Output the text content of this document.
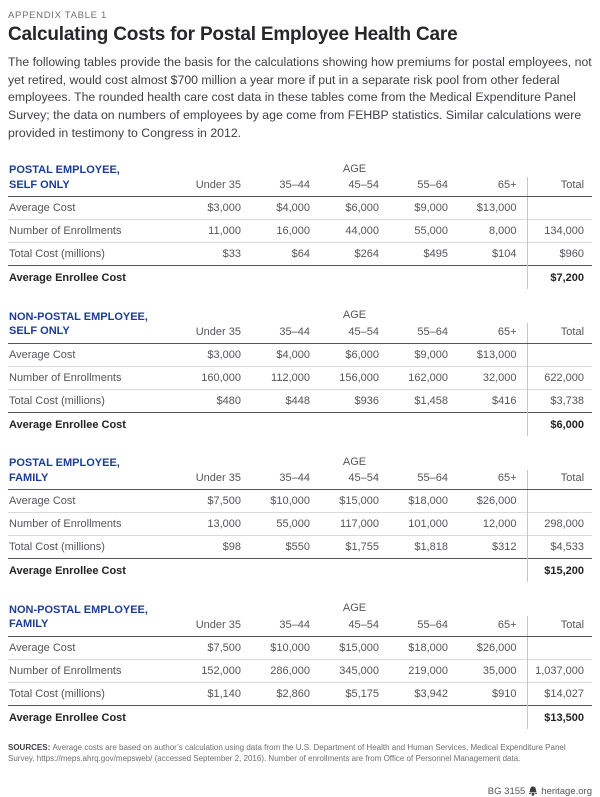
APPENDIX TABLE 1
Calculating Costs for Postal Employee Health Care

The following tables provide the basis for the calculations showing how premiums for postal employees, not yet retired, would cost almost $700 million a year more if put in a separate risk pool from other federal employees. The rounded health care cost data in these tables come from the Medical Expenditure Panel Survey; the data on numbers of employees by age come from FEHBP statistics. Similar calculations were provided in testimony to Congress in 2012.

POSTAL EMPLOYEE,
SELF ONLY	AGE					
	Under 35	35–44	45–54	55–64	65+	Total
Average Cost	$3,000	$4,000	$6,000	$9,000	$13,000	
Number of Enrollments	11,000	16,000	44,000	55,000	8,000	134,000
Total Cost (millions)	$33	$64	$264	$495	$104	$960
Average Enrollee Cost						$7,200
NON-POSTAL EMPLOYEE,
SELF ONLY	AGE					
	Under 35	35–44	45–54	55–64	65+	Total
Average Cost	$3,000	$4,000	$6,000	$9,000	$13,000	
Number of Enrollments	160,000	112,000	156,000	162,000	32,000	622,000
Total Cost (millions)	$480	$448	$936	$1,458	$416	$3,738
Average Enrollee Cost						$6,000
POSTAL EMPLOYEE,
FAMILY	AGE					
	Under 35	35–44	45–54	55–64	65+	Total
Average Cost	$7,500	$10,000	$15,000	$18,000	$26,000	
Number of Enrollments	13,000	55,000	117,000	101,000	12,000	298,000
Total Cost (millions)	$98	$550	$1,755	$1,818	$312	$4,533
Average Enrollee Cost						$15,200
NON-POSTAL EMPLOYEE,
FAMILY	AGE					
	Under 35	35–44	45–54	55–64	65+	Total
Average Cost	$7,500	$10,000	$15,000	$18,000	$26,000	
Number of Enrollments	152,000	286,000	345,000	219,000	35,000	1,037,000
Total Cost (millions)	$1,140	$2,860	$5,175	$3,942	$910	$14,027
Average Enrollee Cost						$13,500

SOURCES: Average costs are based on author’s calculation using data from the U.S. Department of Health and Human Services, Medical Expenditure Panel Survey, https://meps.ahrq.gov/mepsweb/ (accessed September 2, 2016). Number of enrollments are from Office of Personnel Management data.

BG 3155 heritage.org
